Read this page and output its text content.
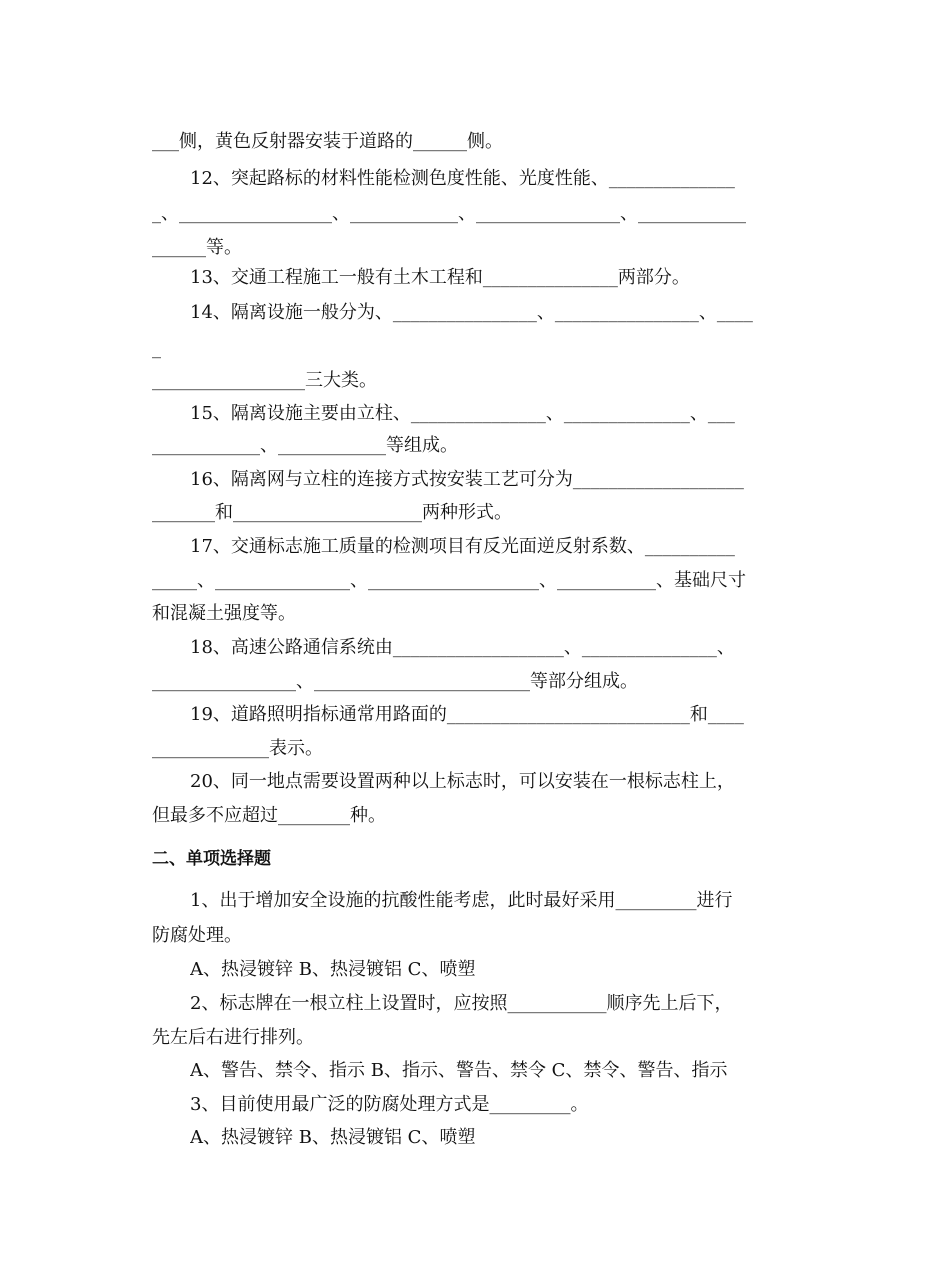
___侧，黄色反射器安装于道路的______侧。
12、突起路标的材料性能检测色度性能、光度性能、______________
_、_________________、____________、________________、____________
______等。
13、交通工程施工一般有土木工程和_______________两部分。
14、隔离设施一般分为、________________、________________、____
_
_________________三大类。
15、隔离设施主要由立柱、_______________、______________、___
____________、____________等组成。
16、隔离网与立柱的连接方式按安装工艺可分为___________________
_______和_____________________两种形式。
17、交通标志施工质量的检测项目有反光面逆反射系数、__________
_____、_______________、___________________、___________、基础尺寸
和混凝土强度等。
18、高速公路通信系统由___________________、_______________、
________________、________________________等部分组成。
19、道路照明指标通常用路面的___________________________和____
_____________表示。
20、同一地点需要设置两种以上标志时，可以安装在一根标志柱上，
但最多不应超过________种。
二、单项选择题
1、出于增加安全设施的抗酸性能考虑，此时最好采用_________进行
防腐处理。
A、热浸镀锌 B、热浸镀铝 C、喷塑
2、标志牌在一根立柱上设置时，应按照___________顺序先上后下，
先左后右进行排列。
A、警告、禁令、指示 B、指示、警告、禁令 C、禁令、警告、指示
3、目前使用最广泛的防腐处理方式是_________。
A、热浸镀锌 B、热浸镀铝 C、喷塑
